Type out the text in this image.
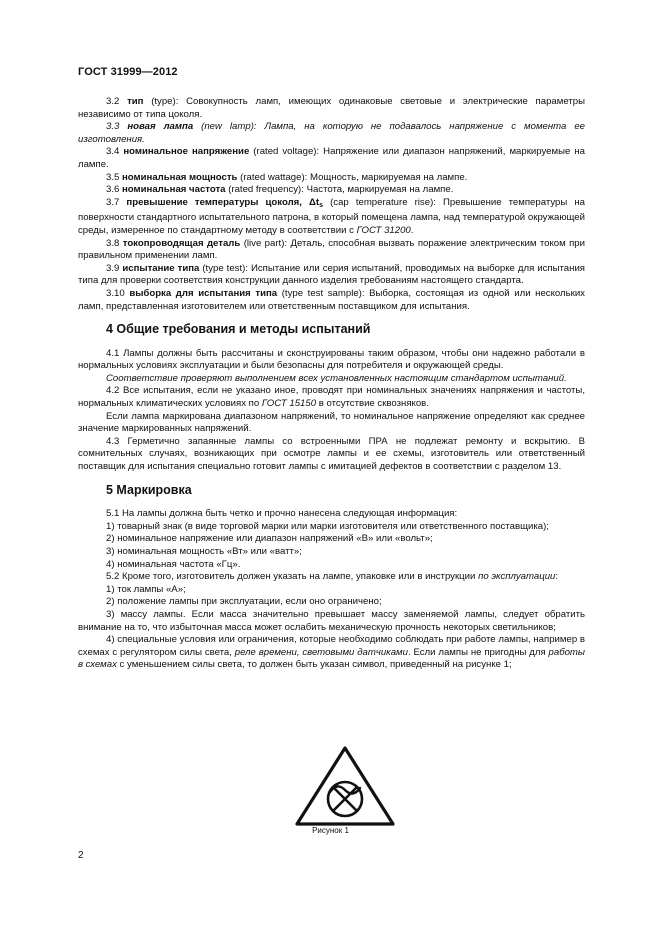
ГОСТ 31999—2012

3.2 тип (type): Совокупность ламп, имеющих одинаковые световые и электрические параметры независимо от типа цоколя.

3.3 новая лампа (new lamp): Лампа, на которую не подавалось напряжение с момента ее изготовления.

3.4 номинальное напряжение (rated voltage): Напряжение или диапазон напряжений, маркируемые на лампе.

3.5 номинальная мощность (rated wattage): Мощность, маркируемая на лампе.

3.6 номинальная частота (rated frequency): Частота, маркируемая на лампе.

3.7 превышение температуры цоколя, $\Delta t_s$ (cap temperature rise): Превышение температуры на поверхности стандартного испытательного патрона, в который помещена лампа, над температурой окружающей среды, измеренное по стандартному методу в соответствии с ГОСТ 31200.

3.8 токопроводящая деталь (live part): Деталь, способная вызвать поражение электрическим током при правильном применении ламп.

3.9 испытание типа (type test): Испытание или серия испытаний, проводимых на выборке для испытания типа для проверки соответствия конструкции данного изделия требованиям настоящего стандарта.

3.10 выборка для испытания типа (type test sample): Выборка, состоящая из одной или нескольких ламп, представленная изготовителем или ответственным поставщиком для испытания.

4 Общие требования и методы испытаний

4.1 Лампы должны быть рассчитаны и сконструированы таким образом, чтобы они надежно работали в нормальных условиях эксплуатации и были безопасны для потребителя и окружающей среды.

Соответствие проверяют выполнением всех установленных настоящим стандартом испытаний.

4.2 Все испытания, если не указано иное, проводят при номинальных значениях напряжения и частоты, нормальных климатических условиях по ГОСТ 15150 в отсутствие сквозняков.

Если лампа маркирована диапазоном напряжений, то номинальное напряжение определяют как среднее значение маркированных напряжений.

4.3 Герметично запаянные лампы со встроенными ПРА не подлежат ремонту и вскрытию. В сомнительных случаях, возникающих при осмотре лампы и ее схемы, изготовитель или ответственный поставщик для испытания специально готовит лампы с имитацией дефектов в соответствии с разделом 13.

5 Маркировка

5.1 На лампы должна быть четко и прочно нанесена следующая информация:

1) товарный знак (в виде торговой марки или марки изготовителя или ответственного поставщика);

2) номинальное напряжение или диапазон напряжений «В» или «вольт»;

3) номинальная мощность «Вт» или «ватт»;

4) номинальная частота «Гц».

5.2 Кроме того, изготовитель должен указать на лампе, упаковке или в инструкции по эксплуатации:

1) ток лампы «А»;

2) положение лампы при эксплуатации, если оно ограничено;

3) массу лампы. Если масса значительно превышает массу заменяемой лампы, следует обратить внимание на то, что избыточная масса может ослабить механическую прочность некоторых светильников;

4) специальные условия или ограничения, которые необходимо соблюдать при работе лампы, например в схемах с регулятором силы света, реле времени, световыми датчиками. Если лампы не пригодны для работы в схемах с уменьшением силы света, то должен быть указан символ, приведенный на рисунке 1;

Рисунок 1
2
